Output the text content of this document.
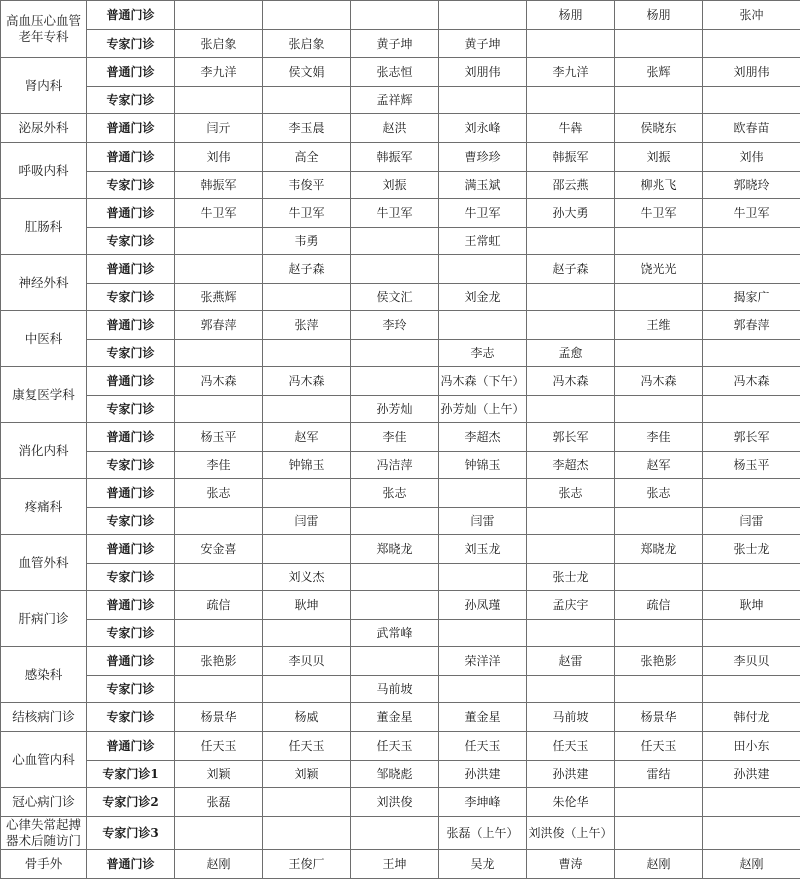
高血压心血管老年专科	普通门诊					杨朋	杨朋	张冲
	专家门诊	张启象	张启象	黄子坤	黄子坤			
肾内科	普通门诊	李九洋	侯文娟	张志恒	刘朋伟	李九洋	张辉	刘朋伟
	专家门诊			孟祥辉				
泌尿外科	普通门诊	闫亓	李玉晨	赵洪	刘永峰	牛犇	侯晓东	欧春苗
呼吸内科	普通门诊	刘伟	高全	韩振军	曹珍珍	韩振军	刘振	刘伟
	专家门诊	韩振军	韦俊平	刘振	满玉斌	邵云燕	柳兆飞	郭晓玲
肛肠科	普通门诊	牛卫军	牛卫军	牛卫军	牛卫军	孙大勇	牛卫军	牛卫军
	专家门诊		韦勇		王常虹			
神经外科	普通门诊		赵子森			赵子森	饶光光	
	专家门诊	张燕辉		侯文汇	刘金龙			揭家广
中医科	普通门诊	郭春萍	张萍	李玲			王维	郭春萍
	专家门诊				李志	孟愈		
康复医学科	普通门诊	冯木森	冯木森		冯木森（下午）	冯木森	冯木森	冯木森
	专家门诊			孙芳灿	孙芳灿（上午）			
消化内科	普通门诊	杨玉平	赵军	李佳	李超杰	郭长军	李佳	郭长军
	专家门诊	李佳	钟锦玉	冯洁萍	钟锦玉	李超杰	赵军	杨玉平
疼痛科	普通门诊	张志		张志		张志	张志	
	专家门诊		闫雷		闫雷			闫雷
血管外科	普通门诊	安金喜		郑晓龙	刘玉龙		郑晓龙	张士龙
	专家门诊		刘义杰			张士龙		
肝病门诊	普通门诊	疏信	耿坤		孙凤瑾	孟庆宇	疏信	耿坤
	专家门诊			武常峰				
感染科	普通门诊	张艳影	李贝贝		荣洋洋	赵雷	张艳影	李贝贝
	专家门诊			马前坡				
结核病门诊	专家门诊	杨景华	杨威	董金星	董金星	马前坡	杨景华	韩付龙
心血管内科	普通门诊	任天玉	任天玉	任天玉	任天玉	任天玉	任天玉	田小东
	专家门诊1	刘颖	刘颖	邹晓彪	孙洪建	孙洪建	雷结	孙洪建
冠心病门诊	专家门诊2	张磊		刘洪俊	李坤峰	朱伦华		
心律失常起搏器术后随访门	专家门诊3				张磊（上午）	刘洪俊（上午）		
骨手外	普通门诊	赵刚	王俊厂	王坤	吴龙	曹涛	赵刚	赵刚
